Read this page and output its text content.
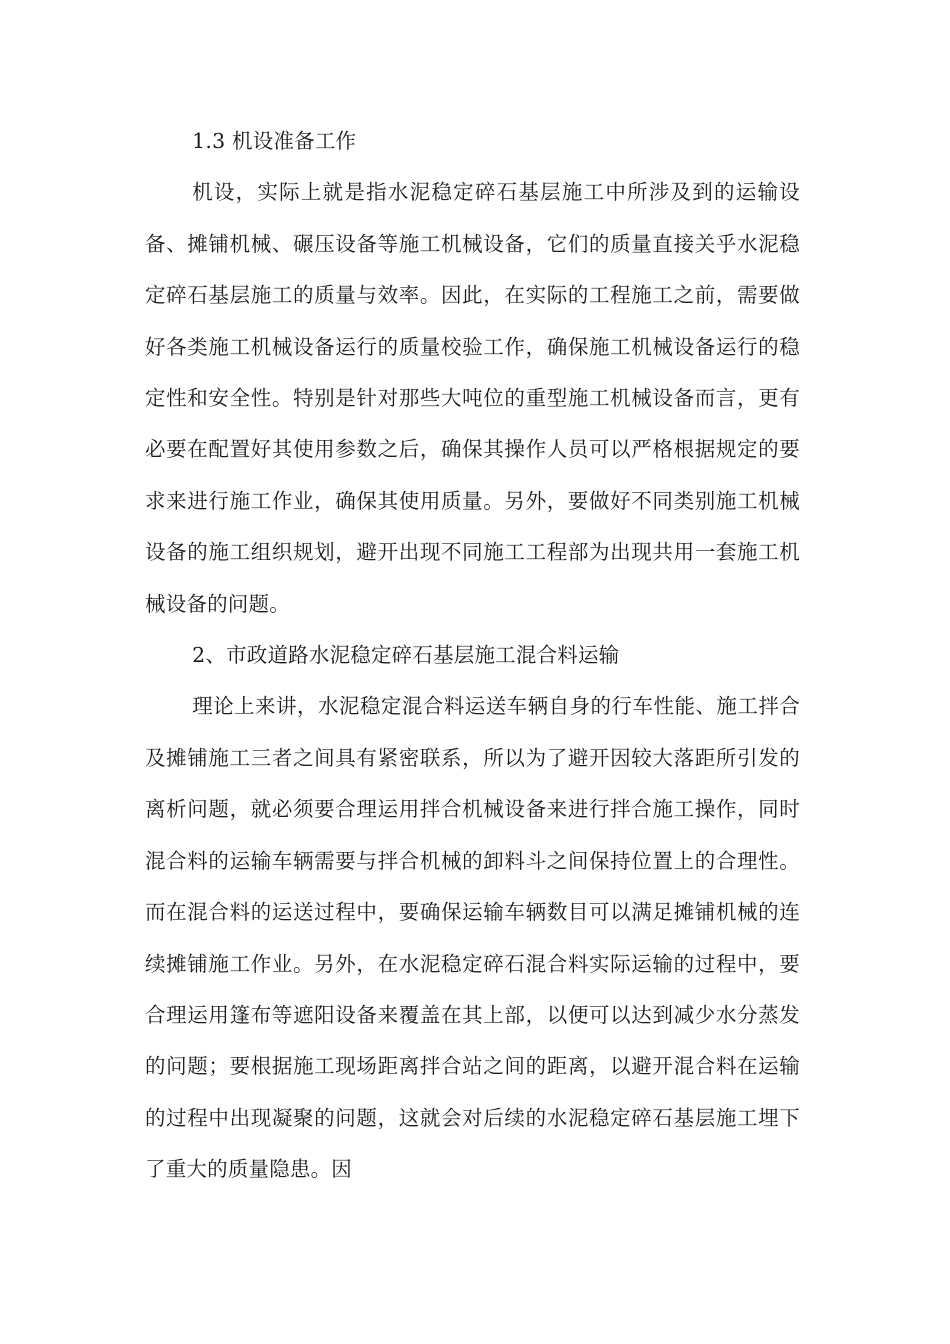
1.3 机设准备工作

机设，实际上就是指水泥稳定碎石基层施工中所涉及到的运输设备、摊铺机械、碾压设备等施工机械设备，它们的质量直接关乎水泥稳定碎石基层施工的质量与效率。因此，在实际的工程施工之前，需要做好各类施工机械设备运行的质量校验工作，确保施工机械设备运行的稳定性和安全性。特别是针对那些大吨位的重型施工机械设备而言，更有必要在配置好其使用参数之后，确保其操作人员可以严格根据规定的要求来进行施工作业，确保其使用质量。另外，要做好不同类别施工机械设备的施工组织规划，避开出现不同施工工程部为出现共用一套施工机械设备的问题。

2、市政道路水泥稳定碎石基层施工混合料运输

理论上来讲，水泥稳定混合料运送车辆自身的行车性能、施工拌合及摊铺施工三者之间具有紧密联系，所以为了避开因较大落距所引发的离析问题，就必须要合理运用拌合机械设备来进行拌合施工操作，同时混合料的运输车辆需要与拌合机械的卸料斗之间保持位置上的合理性。而在混合料的运送过程中，要确保运输车辆数目可以满足摊铺机械的连续摊铺施工作业。另外，在水泥稳定碎石混合料实际运输的过程中，要合理运用篷布等遮阳设备来覆盖在其上部，以便可以达到减少水分蒸发的问题；要根据施工现场距离拌合站之间的距离，以避开混合料在运输的过程中出现凝聚的问题，这就会对后续的水泥稳定碎石基层施工埋下了重大的质量隐患。因
